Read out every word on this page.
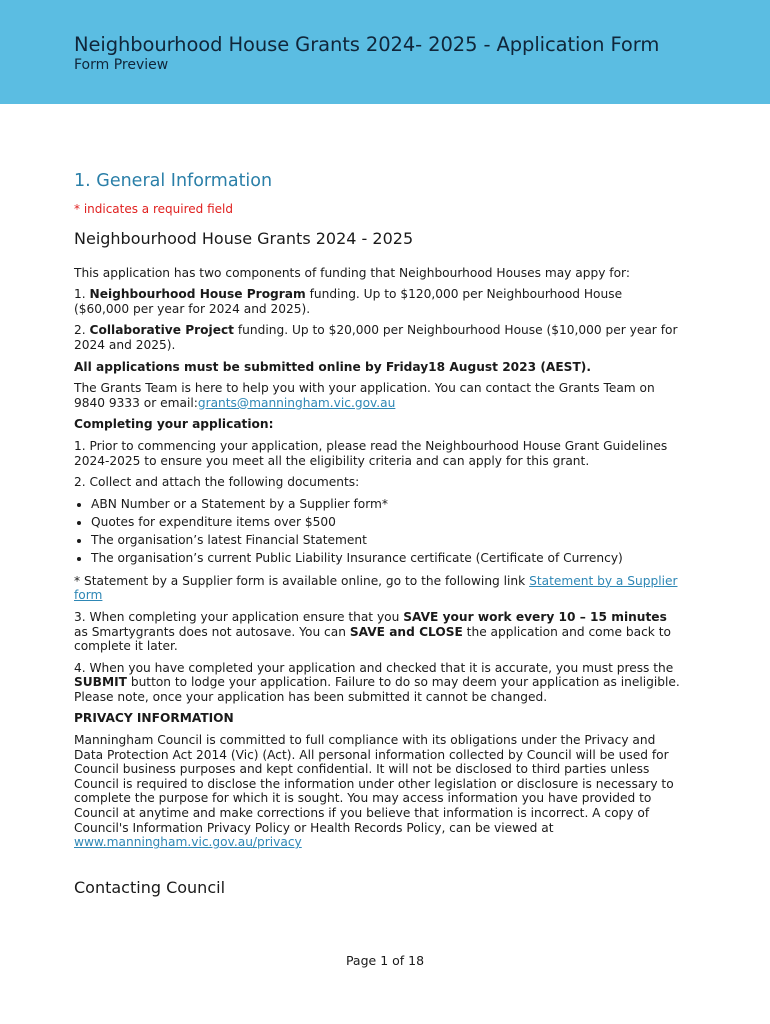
Neighbourhood House Grants 2024- 2025 - Application Form
Form Preview
1. General Information
* indicates a required field
Neighbourhood House Grants 2024 - 2025

This application has two components of funding that Neighbourhood Houses may appy for:

1. Neighbourhood House Program funding. Up to $120,000 per Neighbourhood House ($60,000 per year for 2024 and 2025).

2. Collaborative Project funding. Up to $20,000 per Neighbourhood House ($10,000 per year for 2024 and 2025).

All applications must be submitted online by Friday18 August 2023 (AEST).

The Grants Team is here to help you with your application. You can contact the Grants Team on 9840 9333 or email:grants@manningham.vic.gov.au

Completing your application:

1. Prior to commencing your application, please read the Neighbourhood House Grant Guidelines 2024-2025 to ensure you meet all the eligibility criteria and can apply for this grant.

2. Collect and attach the following documents:

• ABN Number or a Statement by a Supplier form*
• Quotes for expenditure items over $500
• The organisation’s latest Financial Statement
• The organisation’s current Public Liability Insurance certificate (Certificate of Currency)

* Statement by a Supplier form is available online, go to the following link Statement by a Supplier form

3. When completing your application ensure that you SAVE your work every 10 – 15 minutes as Smartygrants does not autosave. You can SAVE and CLOSE the application and come back to complete it later.

4. When you have completed your application and checked that it is accurate, you must press the SUBMIT button to lodge your application. Failure to do so may deem your application as ineligible. Please note, once your application has been submitted it cannot be changed.

PRIVACY INFORMATION

Manningham Council is committed to full compliance with its obligations under the Privacy and Data Protection Act 2014 (Vic) (Act). All personal information collected by Council will be used for Council business purposes and kept confidential. It will not be disclosed to third parties unless Council is required to disclose the information under other legislation or disclosure is necessary to complete the purpose for which it is sought. You may access information you have provided to Council at anytime and make corrections if you believe that information is incorrect. A copy of Council's Information Privacy Policy or Health Records Policy, can be viewed at www.manningham.vic.gov.au/privacy

Contacting Council
Page 1 of 18
